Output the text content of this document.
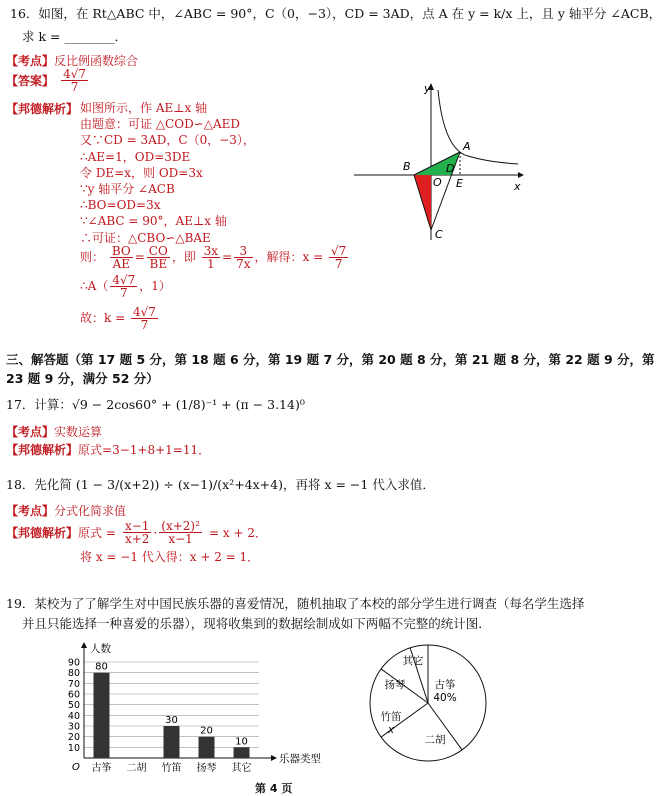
16．如图，在 Rt△ABC 中，∠ABC = 90°，C（0，−3），CD = 3AD，点 A 在 y = k/x 上，且 y 轴平分 ∠ACB，
求 k = ________．
【考点】反比例函数综合
【答案】 $\frac{4√7}{7}$
【邦德解析】 如图所示，作 AE⊥x 轴
由题意：可证 △COD∽△AED
又∵CD = 3AD，C（0，−3），
∴AE=1，OD=3DE
令 DE=x，则 OD=3x
∵y 轴平分 ∠ACB
∴BO=OD=3x
∵∠ABC = 90°，AE⊥x 轴
∴可证：△CBO∽△BAE
则： $\frac{BO}{AE} = \frac{CO}{BE}$ ，即 $\frac{3x}{1} = \frac{3}{7x}$ ，解得：$x = \frac{√7}{7}$
∴A（ $\frac{4√7}{7}$ ，1）
故：$k = \frac{4√7}{7}$
y
x
A
B
O
D
E
C
三、解答题（第 17 题 5 分，第 18 题 6 分，第 19 题 7 分，第 20 题 8 分，第 21 题 8 分，第 22 题 9 分，第
23 题 9 分，满分 52 分）
17．计算：√9 − 2cos60° + (1/8)⁻¹ + (π − 3.14)⁰
【考点】实数运算
【邦德解析】原式=3−1+8+1=11．
18．先化简 (1 − 3/(x+2)) ÷ (x−1)/(x²+4x+4)，再将 x = −1 代入求值．
【考点】分式化简求值
【邦德解析】原式 = $\frac{x-1}{x+2} \cdot \frac{\text{(x+2)²}}{x-1} = x + 2$．
将 x = −1 代入得：x + 2 = 1．
19．某校为了了解学生对中国民族乐器的喜爱情况，随机抽取了本校的部分学生进行调查（每名学生选择
并且只能选择一种喜爱的乐器），现将收集到的数据绘制成如下两幅不完整的统计图．
10
20
30
40
50
60
70
80
90
人数
乐器类型
O
80
古筝 二胡
30
竹笛
20
扬琴
10
其它
古筝
40%
二胡
竹笛
x
扬琴
其它
第 4 页
